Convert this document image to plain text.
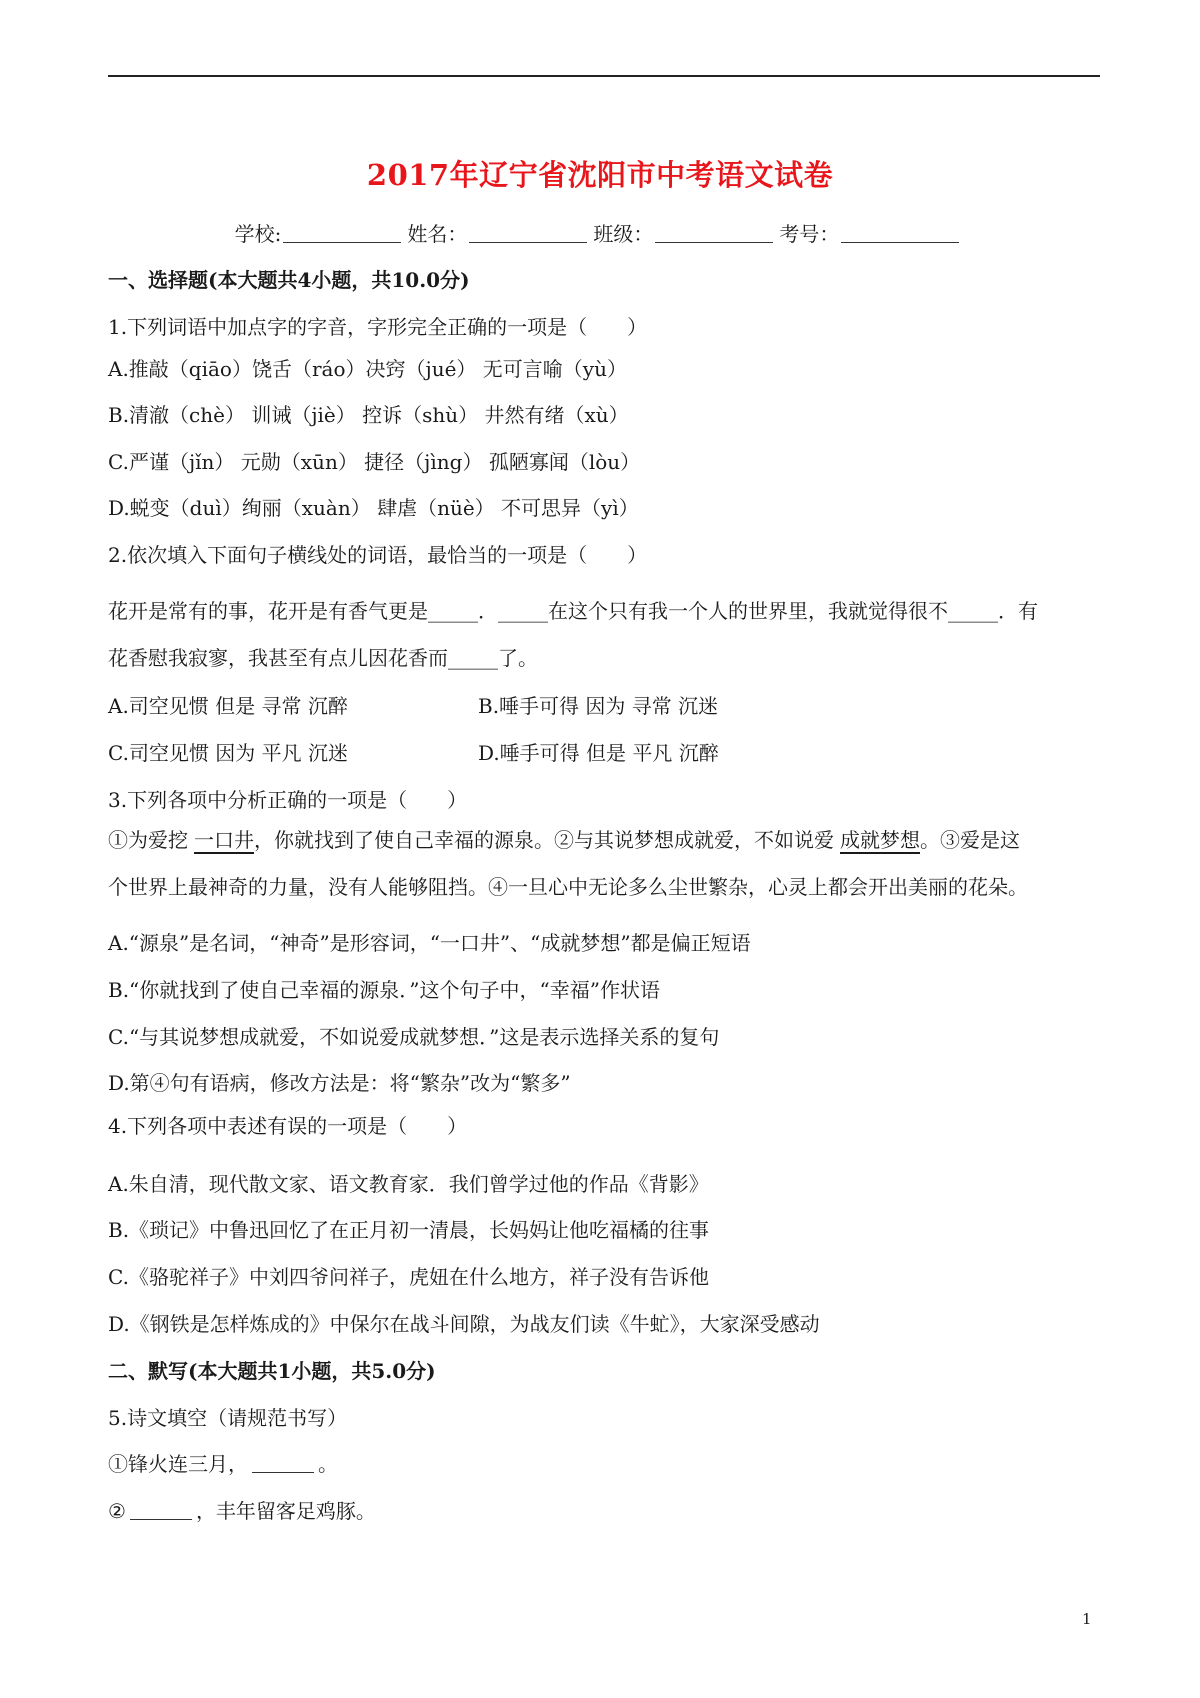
2017年辽宁省沈阳市中考语文试卷
学校:	姓名：	班级：	考号：
一、选择题(本大题共4小题，共10.0分)
1.下列词语中加点字的字音，字形完全正确的一项是（　　）
A.推敲（qiāo）饶舌（ráo）决窍（jué） 无可言喻（yù）
B.清澈（chè） 训诫（jiè） 控诉（shù） 井然有绪（xù）
C.严谨（jǐn） 元勋（xūn） 捷径（jìng） 孤陋寡闻（lòu）
D.蜕变（duì）绚丽（xuàn） 肆虐（nüè） 不可思异（yì）
2.依次填入下面句子横线处的词语，最恰当的一项是（　　）
花开是常有的事，花开是有香气更是_____．_____在这个只有我一个人的世界里，我就觉得很不_____．有
花香慰我寂寥，我甚至有点儿因花香而_____了。
A.司空见惯 但是 寻常 沉醉	B.唾手可得 因为 寻常 沉迷
C.司空见惯 因为 平凡 沉迷	D.唾手可得 但是 平凡 沉醉
3.下列各项中分析正确的一项是（　　）
①为爱挖 一口井，你就找到了使自己幸福的源泉。②与其说梦想成就爱，不如说爱 成就梦想。③爱是这
个世界上最神奇的力量，没有人能够阻挡。④一旦心中无论多么尘世繁杂，心灵上都会开出美丽的花朵。
A.“源泉”是名词，“神奇”是形容词，“一口井”、“成就梦想”都是偏正短语
B.“你就找到了使自己幸福的源泉．”这个句子中，“幸福”作状语
C.“与其说梦想成就爱，不如说爱成就梦想．”这是表示选择关系的复句
D.第④句有语病，修改方法是：将“繁杂”改为“繁多”
4.下列各项中表述有误的一项是（　　）
A.朱自清，现代散文家、语文教育家．我们曾学过他的作品《背影》
B.《琐记》中鲁迅回忆了在正月初一清晨，长妈妈让他吃福橘的往事
C.《骆驼祥子》中刘四爷问祥子，虎妞在什么地方，祥子没有告诉他
D.《钢铁是怎样炼成的》中保尔在战斗间隙，为战友们读《牛虻》，大家深受感动
二、默写(本大题共1小题，共5.0分)
5.诗文填空（请规范书写）
①锋火连三月，	。
②	，丰年留客足鸡豚。
1
